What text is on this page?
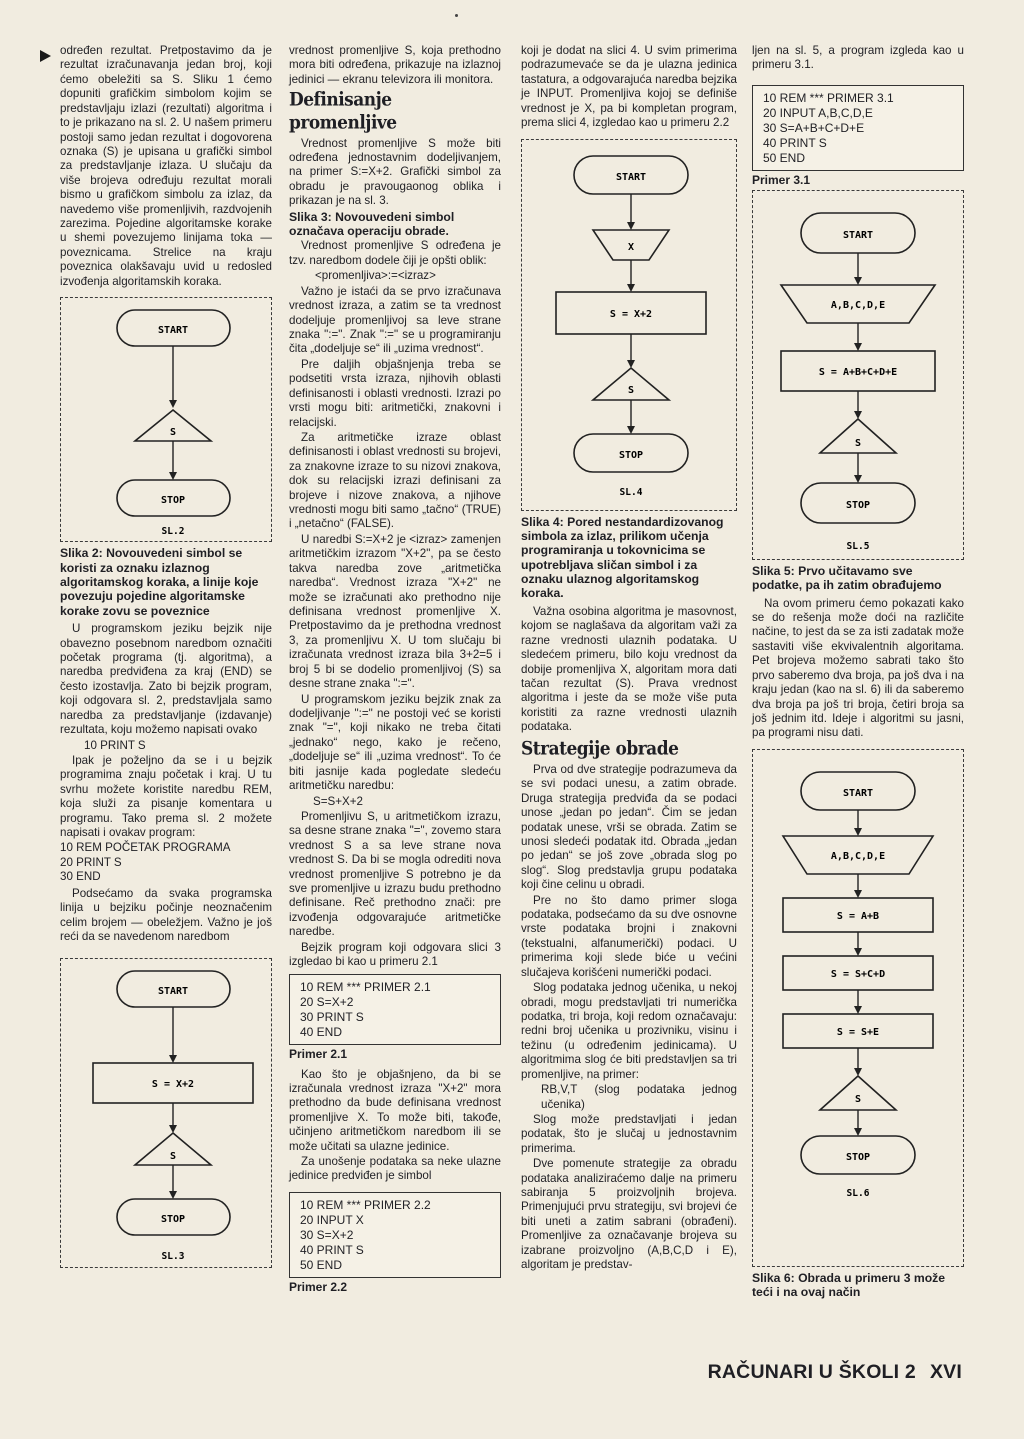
određen rezultat. Pretpostavimo da je rezultat izračunavanja jedan broj, koji ćemo obeležiti sa S. Sliku 1 ćemo dopuniti grafičkim simbolom kojim se predstavljaju izlazi (rezultati) algoritma i to je prikazano na sl. 2. U našem primeru postoji samo jedan rezultat i dogovorena oznaka (S) je upisana u grafički simbol za predstavljanje izlaza. U slučaju da više brojeva određuju rezultat morali bismo u grafičkom simbolu za izlaz, da navedemo više promenljivih, razdvojenih zarezima. Pojedine algoritamske korake u shemi povezujemo linijama toka — poveznicama. Strelice na kraju poveznica olakšavaju uvid u redosled izvođenja algoritamskih koraka.

START
S
STOP
SL.2
Slika 2: Novouvedeni simbol se koristi za oznaku izlaznog algoritamskog koraka, a linije koje povezuju pojedine algoritamske korake zovu se poveznice

U programskom jeziku bejzik nije obavezno posebnom naredbom označiti početak programa (tj. algoritma), a naredba predviđena za kraj (END) se često izostavlja. Zato bi bejzik program, koji odgovara sl. 2, predstavljala samo naredba za predstavljanje (izdavanje) rezultata, koju možemo napisati ovako

10 PRINT S

Ipak je poželjno da se i u bejzik programima znaju početak i kraj. U tu svrhu možete koristite naredbu REM, koja služi za pisanje komentara u programu. Tako prema sl. 2 možete napisati i ovakav program:

10 REM POČETAK PROGRAMA
20 PRINT S
30 END

Podsećamo da svaka programska linija u bejziku počinje neoznačenim celim brojem — obeležjem. Važno je još reći da se navedenom naredbom

START
S = X+2
S
STOP
SL.3

vrednost promenljive S, koja prethodno mora biti određena, prikazuje na izlaznoj jedinici — ekranu televizora ili monitora.

Definisanje promenljive

Vrednost promenljive S može biti određena jednostavnim dodeljivanjem, na primer S:=X+2. Grafički simbol za obradu je pravougaonog oblika i prikazan je na sl. 3.

Slika 3: Novouvedeni simbol označava operaciju obrade.

Vrednost promenljive S određena je tzv. naredbom dodele čiji je opšti oblik:

<promenljiva>:=<izraz>

Važno je istaći da se prvo izračunava vrednost izraza, a zatim se ta vrednost dodeljuje promenljivoj sa leve strane znaka ":=". Znak ":=" se u programiranju čita „dodeljuje se“ ili „uzima vrednost“.

Pre daljih objašnjenja treba se podsetiti vrsta izraza, njihovih oblasti definisanosti i oblasti vrednosti. Izrazi po vrsti mogu biti: aritmetički, znakovni i relacijski.

Za aritmetičke izraze oblast definisanosti i oblast vrednosti su brojevi, za znakovne izraze to su nizovi znakova, dok su relacijski izrazi definisani za brojeve i nizove znakova, a njihove vrednosti mogu biti samo „tačno“ (TRUE) i „netačno“ (FALSE).

U naredbi S:=X+2 je <izraz> zamenjen aritmetičkim izrazom "X+2", pa se često takva naredba zove „aritmetička naredba“. Vrednost izraza "X+2" ne može se izračunati ako prethodno nije definisana vrednost promenljive X. Pretpostavimo da je prethodna vrednost 3, za promenljivu X. U tom slučaju bi izračunata vrednost izraza bila 3+2=5 i broj 5 bi se dodelio promenljivoj (S) sa desne strane znaka ":=".

U programskom jeziku bejzik znak za dodeljivanje ":=" ne postoji već se koristi znak "=", koji nikako ne treba čitati „jednako“ nego, kako je rečeno, „dodeljuje se“ ili „uzima vrednost“. To će biti jasnije kada pogledate sledeću aritmetičku naredbu:

S=S+X+2

Promenljivu S, u aritmetičkom izrazu, sa desne strane znaka "=", zovemo stara vrednost S a sa leve strane nova vrednost S. Da bi se mogla odrediti nova vrednost promenljive S potrebno je da sve promenljive u izrazu budu prethodno definisane. Reč prethodno znači: pre izvođenja odgovarajuće aritmetičke naredbe.

Bejzik program koji odgovara slici 3 izgledao bi kao u primeru 2.1

10 REM *** PRIMER 2.1
20 S=X+2
30 PRINT S
40 END
Primer 2.1

Kao što je objašnjeno, da bi se izračunala vrednost izraza "X+2" mora prethodno da bude definisana vrednost promenljive X. To može biti, takođe, učinjeno aritmetičkom naredbom ili se može učitati sa ulazne jedinice.

Za unošenje podataka sa neke ulazne jedinice predviđen je simbol

10 REM *** PRIMER 2.2
20 INPUT X
30 S=X+2
40 PRINT S
50 END
Primer 2.2

koji je dodat na slici 4. U svim primerima podrazumevaće se da je ulazna jedinica tastatura, a odgovarajuća naredba bejzika je INPUT. Promenljiva kojoj se definiše vrednost je X, pa bi kompletan program, prema slici 4, izgledao kao u primeru 2.2

START
X
S = X+2
S
STOP
SL.4
Slika 4: Pored nestandardizovanog simbola za izlaz, prilikom učenja programiranja u tokovnicima se upotrebljava sličan simbol i za oznaku ulaznog algoritamskog koraka.

Važna osobina algoritma je masovnost, kojom se naglašava da algoritam važi za razne vrednosti ulaznih podataka. U sledećem primeru, bilo koju vrednost da dobije promenljiva X, algoritam mora dati tačan rezultat (S). Prava vrednost algoritma i jeste da se može više puta koristiti za razne vrednosti ulaznih podataka.

Strategije obrade

Prva od dve strategije podrazumeva da se svi podaci unesu, a zatim obrade. Druga strategija predviđa da se podaci unose „jedan po jedan“. Čim se jedan podatak unese, vrši se obrada. Zatim se unosi sledeći podatak itd. Obrada „jedan po jedan“ se još zove „obrada slog po slog“. Slog predstavlja grupu podataka koji čine celinu u obradi.

Pre no što damo primer sloga podataka, podsećamo da su dve osnovne vrste podataka brojni i znakovni (tekstualni, alfanumerički) podaci. U primerima koji slede biće u većini slučajeva korišćeni numerički podaci.

Slog podataka jednog učenika, u nekoj obradi, mogu predstavljati tri numerička podatka, tri broja, koji redom označavaju: redni broj učenika u prozivniku, visinu i težinu (u određenim jedinicama). U algoritmima slog će biti predstavljen sa tri promenljive, na primer:

RB,V,T (slog podataka jednog učenika)

Slog može predstavljati i jedan podatak, što je slučaj u jednostavnim primerima.

Dve pomenute strategije za obradu podataka analiziraćemo dalje na primeru sabiranja 5 proizvoljnih brojeva. Primenjujući prvu strategiju, svi brojevi će biti uneti a zatim sabrani (obrađeni). Promenljive za označavanje brojeva su izabrane proizvoljno (A,B,C,D i E), algoritam je predstav-

ljen na sl. 5, a program izgleda kao u primeru 3.1.

10 REM *** PRIMER 3.1
20 INPUT A,B,C,D,E
30 S=A+B+C+D+E
40 PRINT S
50 END
Primer 3.1
START
A,B,C,D,E
S = A+B+C+D+E
S
STOP
SL.5
Slika 5: Prvo učitavamo sve podatke, pa ih zatim obrađujemo

Na ovom primeru ćemo pokazati kako se do rešenja može doći na različite načine, to jest da se za isti zadatak može sastaviti više ekvivalentnih algoritama. Pet brojeva možemo sabrati tako što prvo saberemo dva broja, pa još dva i na kraju jedan (kao na sl. 6) ili da saberemo dva broja pa još tri broja, četiri broja sa još jednim itd. Ideje i algoritmi su jasni, pa programi nisu dati.

START
A,B,C,D,E
S = A+B
S = S+C+D
S = S+E
S
STOP
SL.6
Slika 6: Obrada u primeru 3 može teći i na ovaj način
RAČUNARI U ŠKOLI 2 XVI
